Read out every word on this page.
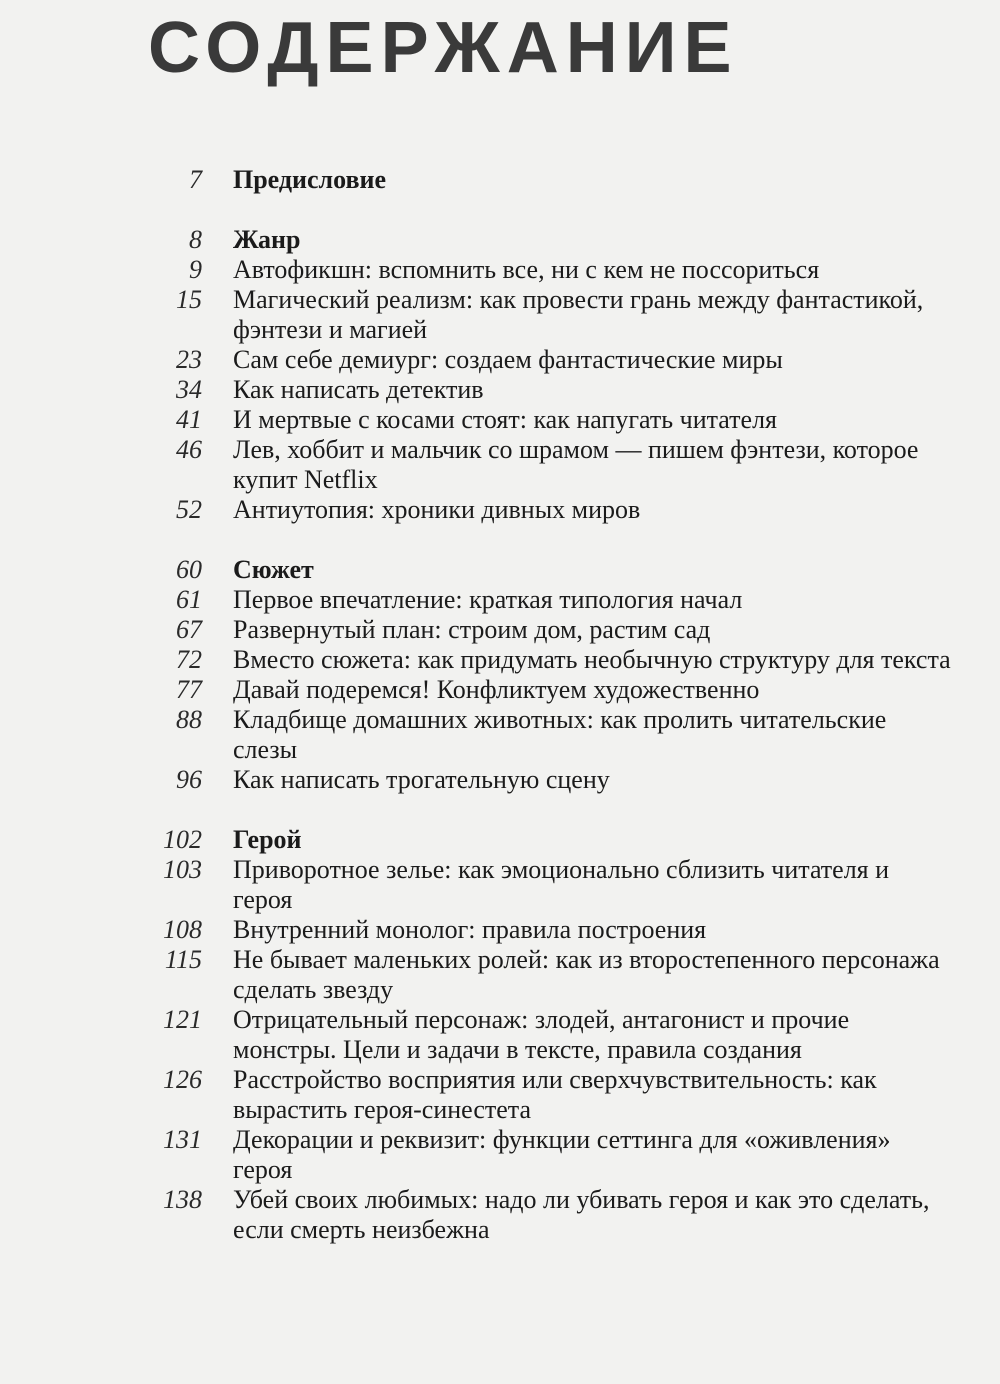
СОДЕРЖАНИЕ
7 Предисловие
8 Жанр
9 Автофикшн: вспомнить все, ни с кем не поссориться
15 Магический реализм: как провести грань между фантастикой, фэнтези и магией
23 Сам себе демиург: создаем фантастические миры
34 Как написать детектив
41 И мертвые с косами стоят: как напугать читателя
46 Лев, хоббит и мальчик со шрамом — пишем фэнтези, которое купит Netflix
52 Антиутопия: хроники дивных миров
60 Сюжет
61 Первое впечатление: краткая типология начал
67 Развернутый план: строим дом, растим сад
72 Вместо сюжета: как придумать необычную структуру для текста
77 Давай подеремся! Конфликтуем художественно
88 Кладбище домашних животных: как пролить читательские слезы
96 Как написать трогательную сцену
102 Герой
103 Приворотное зелье: как эмоционально сблизить читателя и героя
108 Внутренний монолог: правила построения
115 Не бывает маленьких ролей: как из второстепенного персонажа сделать звезду
121 Отрицательный персонаж: злодей, антагонист и прочие монстры. Цели и задачи в тексте, правила создания
126 Расстройство восприятия или сверхчувствительность: как вырастить героя-синестета
131 Декорации и реквизит: функции сеттинга для «оживления» героя
138 Убей своих любимых: надо ли убивать героя и как это сделать, если смерть неизбежна
